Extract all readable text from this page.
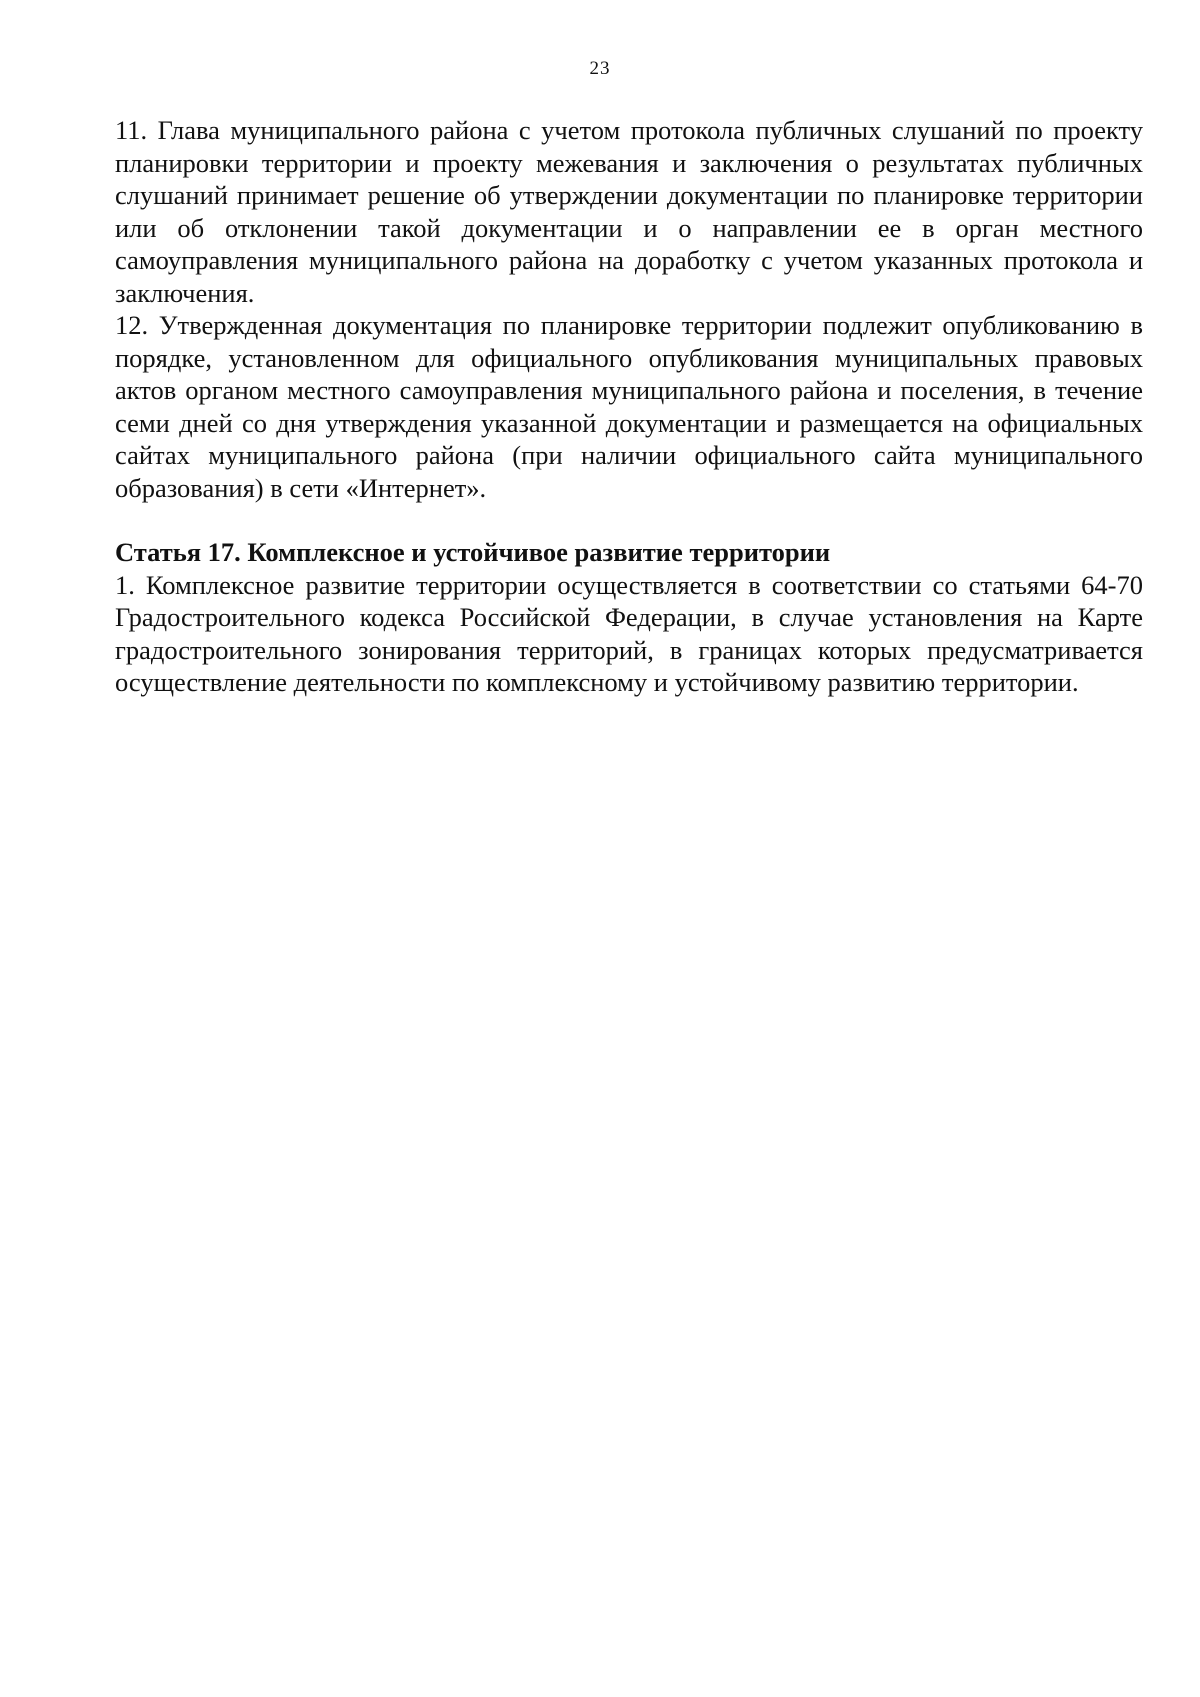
23

11. Глава муниципального района с учетом протокола публичных слушаний по проекту планировки территории и проекту межевания и заключения о результатах публичных слушаний принимает решение об утверждении документации по планировке территории или об отклонении такой документации и о направлении ее в орган местного самоуправления муниципального района на доработку с учетом указанных протокола и заключения.

12. Утвержденная документация по планировке территории подлежит опубликованию в порядке, установленном для официального опубликования муниципальных правовых актов органом местного самоуправления муниципального района и поселения, в течение семи дней со дня утверждения указанной документации и размещается на официальных сайтах муниципального района (при наличии официального сайта муниципального образования) в сети «Интернет».

Статья 17. Комплексное и устойчивое развитие территории

1. Комплексное развитие территории осуществляется в соответствии со статьями 64-70 Градостроительного кодекса Российской Федерации, в случае установления на Карте градостроительного зонирования территорий, в границах которых предусматривается осуществление деятельности по комплексному и устойчивому развитию территории.
